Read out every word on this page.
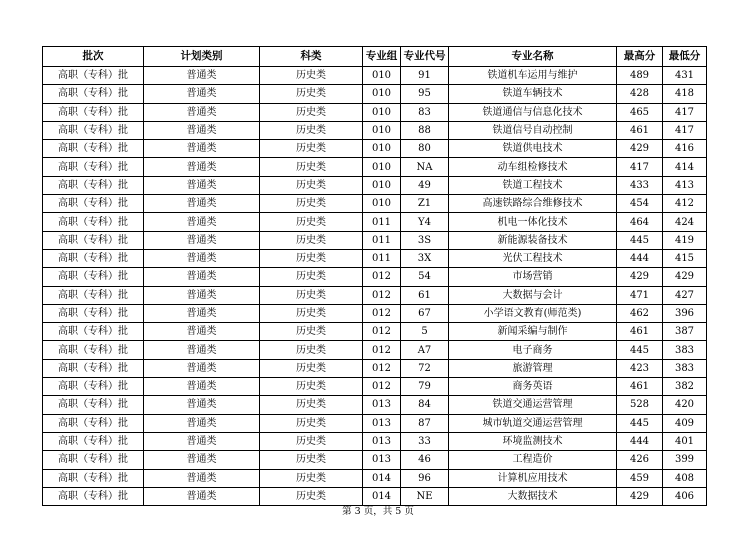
批次	计划类别	科类	专业组	专业代号	专业名称	最高分	最低分
高职（专科）批	普通类	历史类	010	91	铁道机车运用与维护	489	431
高职（专科）批	普通类	历史类	010	95	铁道车辆技术	428	418
高职（专科）批	普通类	历史类	010	83	铁道通信与信息化技术	465	417
高职（专科）批	普通类	历史类	010	88	铁道信号自动控制	461	417
高职（专科）批	普通类	历史类	010	80	铁道供电技术	429	416
高职（专科）批	普通类	历史类	010	NA	动车组检修技术	417	414
高职（专科）批	普通类	历史类	010	49	铁道工程技术	433	413
高职（专科）批	普通类	历史类	010	Z1	高速铁路综合维修技术	454	412
高职（专科）批	普通类	历史类	011	Y4	机电一体化技术	464	424
高职（专科）批	普通类	历史类	011	3S	新能源装备技术	445	419
高职（专科）批	普通类	历史类	011	3X	光伏工程技术	444	415
高职（专科）批	普通类	历史类	012	54	市场营销	429	429
高职（专科）批	普通类	历史类	012	61	大数据与会计	471	427
高职（专科）批	普通类	历史类	012	67	小学语文教育(师范类)	462	396
高职（专科）批	普通类	历史类	012	5	新闻采编与制作	461	387
高职（专科）批	普通类	历史类	012	A7	电子商务	445	383
高职（专科）批	普通类	历史类	012	72	旅游管理	423	383
高职（专科）批	普通类	历史类	012	79	商务英语	461	382
高职（专科）批	普通类	历史类	013	84	铁道交通运营管理	528	420
高职（专科）批	普通类	历史类	013	87	城市轨道交通运营管理	445	409
高职（专科）批	普通类	历史类	013	33	环境监测技术	444	401
高职（专科）批	普通类	历史类	013	46	工程造价	426	399
高职（专科）批	普通类	历史类	014	96	计算机应用技术	459	408
高职（专科）批	普通类	历史类	014	NE	大数据技术	429	406
第 3 页，共 5 页
